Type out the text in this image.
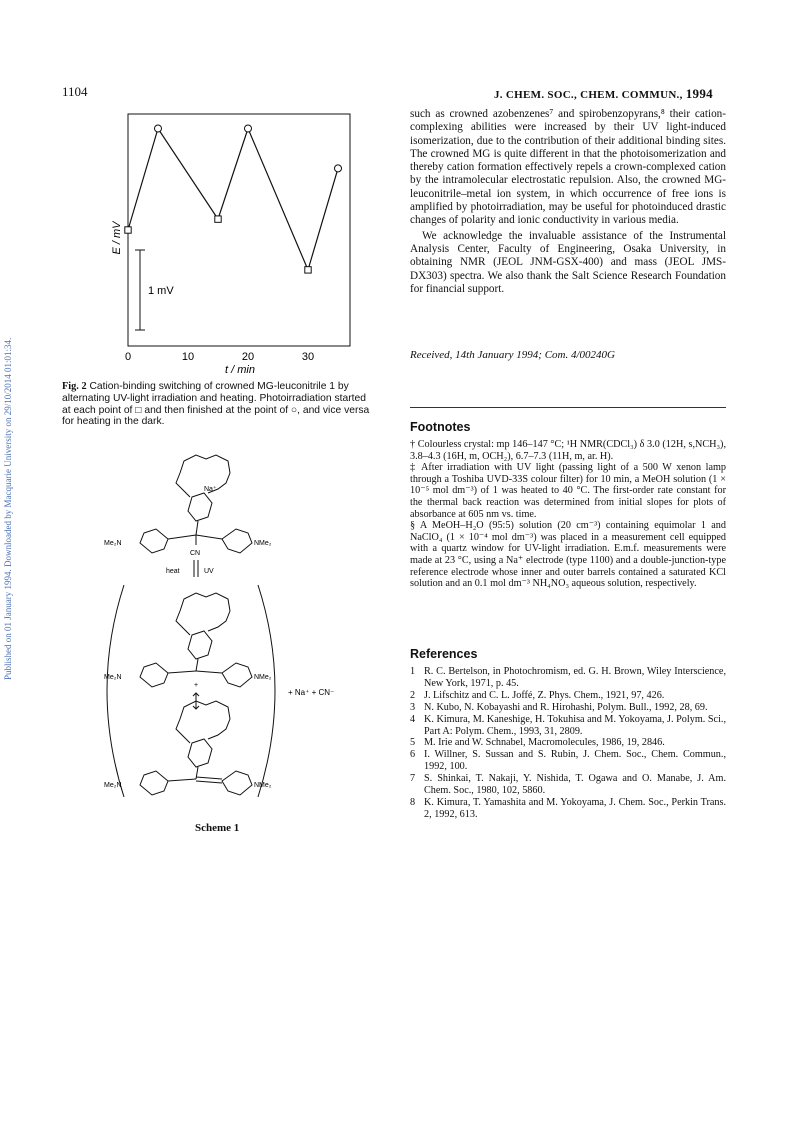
Published on 01 January 1994. Downloaded by Macquarie University on 29/10/2014 01:01:34.
1104	J. CHEM. SOC., CHEM. COMMUN., 1994
0	10	20	30
1 mV
E / mV
t / min
Fig. 2 Cation-binding switching of crowned MG-leuconitrile 1 by alternating UV-light irradiation and heating. Photoirradiation started at each point of □ and then finished at the point of ○, and vice versa for heating in the dark.
Na⁺
Me₂N	NMe₂
CN
heat	UV
Me₂N	NMe₂
+
+ Na⁺ + CN⁻
Me₂N	NMe₂
Scheme 1

such as crowned azobenzenes⁷ and spirobenzopyrans,⁸ their cation-complexing abilities were increased by their UV light-induced isomerization, due to the contribution of their additional binding sites. The crowned MG is quite different in that the photoisomerization and thereby cation formation effectively repels a crown-complexed cation by the intramolecular electrostatic repulsion. Also, the crowned MG-leuconitrile–metal ion system, in which occurrence of free ions is amplified by photoirradiation, may be useful for photoinduced drastic changes of polarity and ionic conductivity in various media.

We acknowledge the invaluable assistance of the Instrumental Analysis Center, Faculty of Engineering, Osaka University, in obtaining NMR (JEOL JNM-GSX-400) and mass (JEOL JMS-DX303) spectra. We also thank the Salt Science Research Foundation for financial support.

Received, 14th January 1994; Com. 4/00240G
Footnotes

† Colourless crystal: mp 146–147 °C; ¹H NMR(CDCl₃) δ 3.0 (12H, s,NCH₃), 3.8–4.3 (16H, m, OCH₂), 6.7–7.3 (11H, m, ar. H).

‡ After irradiation with UV light (passing light of a 500 W xenon lamp through a Toshiba UVD-33S colour filter) for 10 min, a MeOH solution (1 × 10⁻⁵ mol dm⁻³) of 1 was heated to 40 °C. The first-order rate constant for the thermal back reaction was determined from initial slopes for plots of absorbance at 605 nm vs. time.

§ A MeOH–H₂O (95:5) solution (20 cm⁻³) containing equimolar 1 and NaClO₄ (1 × 10⁻⁴ mol dm⁻³) was placed in a measurement cell equipped with a quartz window for UV-light irradiation. E.m.f. measurements were made at 23 °C, using a Na⁺ electrode (type 1100) and a double-junction-type reference electrode whose inner and outer barrels contained a saturated KCl solution and an 0.1 mol dm⁻³ NH₄NO₃ aqueous solution, respectively.

References
1 R. C. Bertelson, in Photochromism, ed. G. H. Brown, Wiley Interscience, New York, 1971, p. 45.
2 J. Lifschitz and C. L. Joffé, Z. Phys. Chem., 1921, 97, 426.
3 N. Kubo, N. Kobayashi and R. Hirohashi, Polym. Bull., 1992, 28, 69.
4 K. Kimura, M. Kaneshige, H. Tokuhisa and M. Yokoyama, J. Polym. Sci., Part A: Polym. Chem., 1993, 31, 2809.
5 M. Irie and W. Schnabel, Macromolecules, 1986, 19, 2846.
6 I. Willner, S. Sussan and S. Rubin, J. Chem. Soc., Chem. Commun., 1992, 100.
7 S. Shinkai, T. Nakaji, Y. Nishida, T. Ogawa and O. Manabe, J. Am. Chem. Soc., 1980, 102, 5860.
8 K. Kimura, T. Yamashita and M. Yokoyama, J. Chem. Soc., Perkin Trans. 2, 1992, 613.
